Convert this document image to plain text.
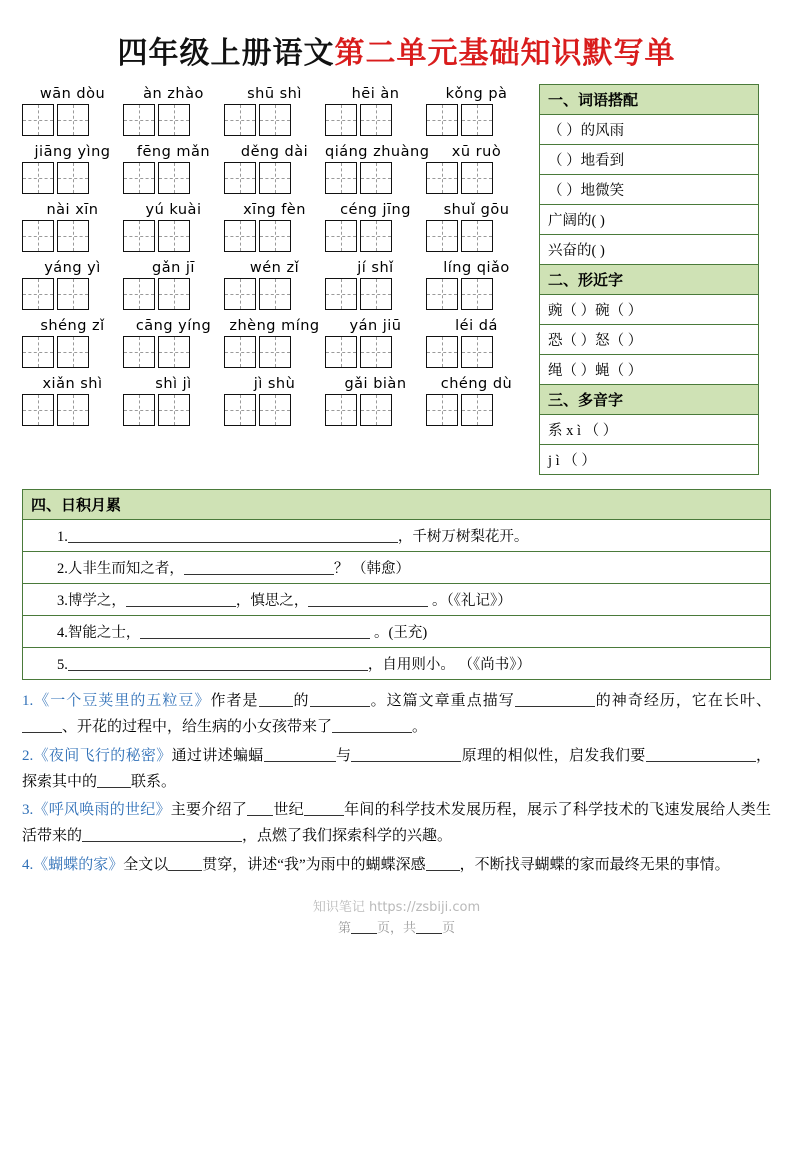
四年级上册语文第二单元基础知识默写单
wān dòu	àn zhào	shū shì	hēi àn	kǒng pà
jiāng yìng	fēng mǎn	děng dài	qiáng zhuàng	xū ruò
nài xīn	yú kuài	xīng fèn	céng jīng	shuǐ gōu
yáng yì	gǎn jī	wén zǐ	jí shǐ	líng qiǎo
shéng zǐ	cāng yíng	zhèng míng	yán jiū	léi dá
xiǎn shì	shì jì	jì shù	gǎi biàn	chéng dù
一、词语搭配
（ ）的风雨
（ ）地看到
（ ）地微笑
广阔的( )
兴奋的( )
二、形近字
豌（ ）碗（ ）
恐（ ）怒（ ）
绳（ ）蝇（ ）
三、多音字
系 x ì （ ）
j ì （ ）
四、日积月累
1.	，千树万树梨花开。
2.人非生而知之者，	？ （韩愈）
3.博学之，	，慎思之，	。（《礼记》）
4.智能之士，	。(王充)
5.	，自用则小。 （《尚书》）
1.《一个豆荚里的五粒豆》作者是 的	。这篇文章重点描写	的神奇经历，它在长叶、、开花的过程中，给生病的小女孩带来了	。
2.《夜间飞行的秘密》通过讲述蝙蝠	与	原理的相似性，启发我们要	，探索其中的 联系。
3.《呼风唤雨的世纪》主要介绍了 世纪	年间的科学技术发展历程，展示了科学技术的飞速发展给人类生活带来的	，点燃了我们探索科学的兴趣。
4.《蝴蝶的家》全文以 贯穿，讲述“我”为雨中的蝴蝶深感 ，不断找寻蝴蝶的家而最终无果的事情。
知识笔记 https://zsbiji.com
第 页，共 页
